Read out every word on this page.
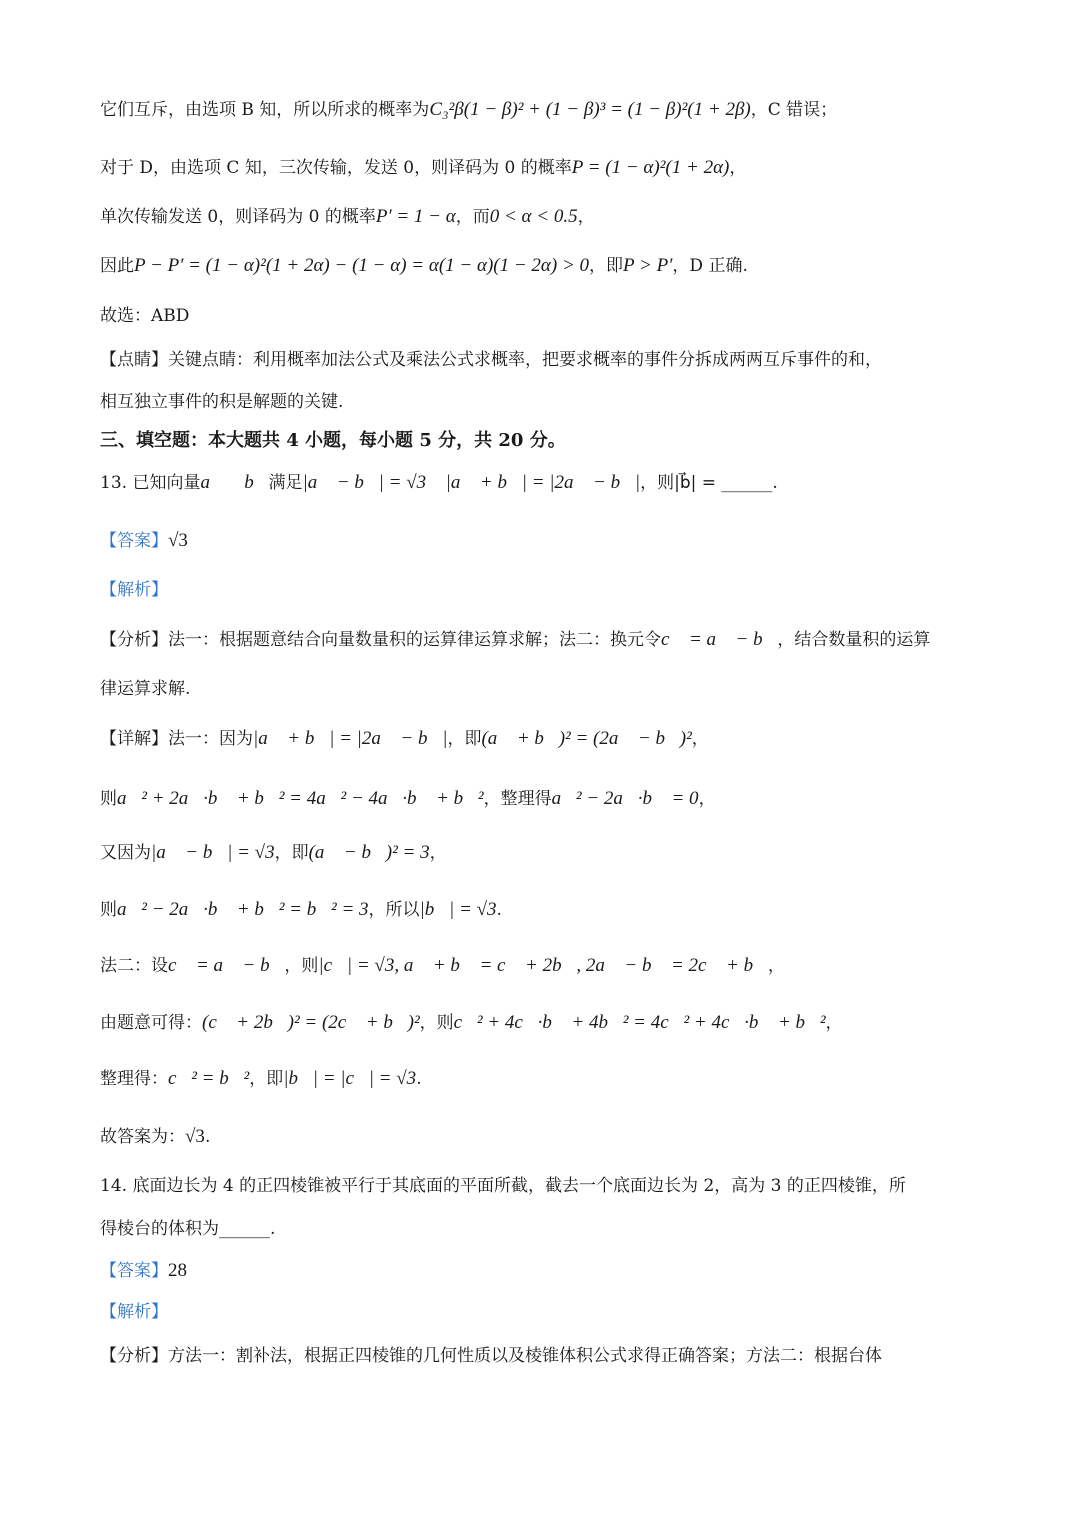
它们互斥，由选项 B 知，所以所求的概率为C₃²β(1 − β)² + (1 − β)³ = (1 − β)²(1 + 2β)，C 错误；
对于 D，由选项 C 知，三次传输，发送 0，则译码为 0 的概率P = (1 − α)²(1 + 2α)，
单次传输发送 0，则译码为 0 的概率P′ = 1 − α，而0 < α < 0.5，
因此P − P′ = (1 − α)²(1 + 2α) − (1 − α) = α(1 − α)(1 − 2α) > 0，即P > P′，D 正确.
故选：ABD
【点睛】关键点睛：利用概率加法公式及乘法公式求概率，把要求概率的事件分拆成两两互斥事件的和，
相互独立事件的积是解题的关键.
三、填空题：本大题共 4 小题，每小题 5 分，共 20 分。
13. 已知向量a⃗ ，b⃗满足|a⃗ − b⃗| = √3 ，|a⃗ + b⃗| = |2a⃗ − b⃗|，则|b⃗| = ______.
【答案】√3
【解析】
【分析】法一：根据题意结合向量数量积的运算律运算求解；法二：换元令c⃗ = a⃗ − b⃗，结合数量积的运算
律运算求解.
【详解】法一：因为|a⃗ + b⃗| = |2a⃗ − b⃗|，即(a⃗ + b⃗)² = (2a⃗ − b⃗)²，
则a⃗² + 2a⃗·b⃗ + b⃗² = 4a⃗² − 4a⃗·b⃗ + b⃗²，整理得a⃗² − 2a⃗·b⃗ = 0，
又因为|a⃗ − b⃗| = √3，即(a⃗ − b⃗)² = 3，
则a⃗² − 2a⃗·b⃗ + b⃗² = b⃗² = 3，所以|b⃗| = √3.
法二：设c⃗ = a⃗ − b⃗，则|c⃗| = √3, a⃗ + b⃗ = c⃗ + 2b⃗, 2a⃗ − b⃗ = 2c⃗ + b⃗，
由题意可得：(c⃗ + 2b⃗)² = (2c⃗ + b⃗)²，则c⃗² + 4c⃗·b⃗ + 4b⃗² = 4c⃗² + 4c⃗·b⃗ + b⃗²，
整理得：c⃗² = b⃗²，即|b⃗| = |c⃗| = √3.
故答案为：√3.
14. 底面边长为 4 的正四棱锥被平行于其底面的平面所截，截去一个底面边长为 2，高为 3 的正四棱锥，所
得棱台的体积为______.
【答案】28
【解析】
【分析】方法一：割补法，根据正四棱锥的几何性质以及棱锥体积公式求得正确答案；方法二：根据台体
